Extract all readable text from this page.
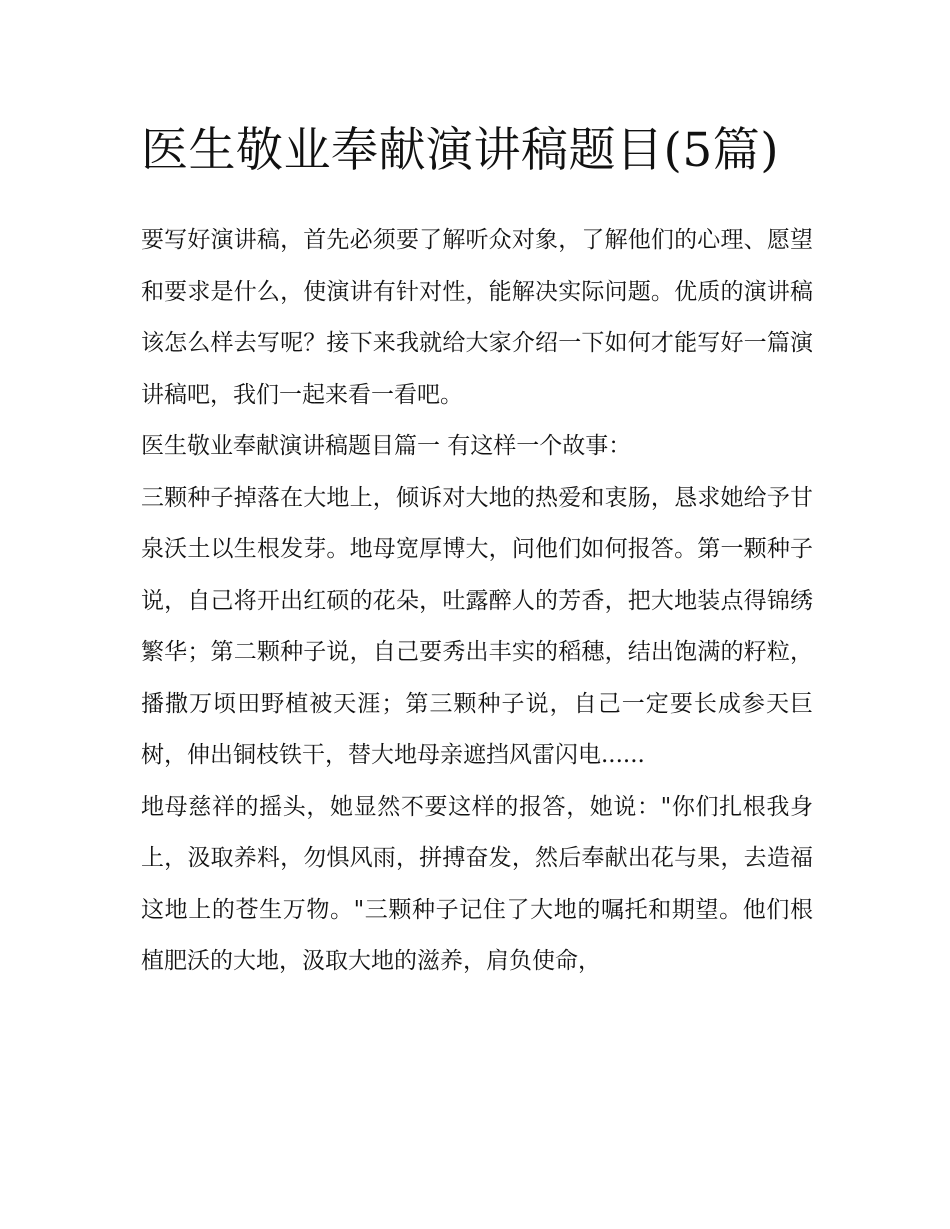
医生敬业奉献演讲稿题目(5篇)

要写好演讲稿，首先必须要了解听众对象，了解他们的心理、愿望和要求是什么，使演讲有针对性，能解决实际问题。优质的演讲稿该怎么样去写呢？接下来我就给大家介绍一下如何才能写好一篇演讲稿吧，我们一起来看一看吧。

医生敬业奉献演讲稿题目篇一 有这样一个故事：

三颗种子掉落在大地上，倾诉对大地的热爱和衷肠，恳求她给予甘泉沃土以生根发芽。地母宽厚博大，问他们如何报答。第一颗种子说，自己将开出红硕的花朵，吐露醉人的芳香，把大地装点得锦绣繁华；第二颗种子说，自己要秀出丰实的稻穗，结出饱满的籽粒，播撒万顷田野植被天涯；第三颗种子说，自己一定要长成参天巨树，伸出铜枝铁干，替大地母亲遮挡风雷闪电......

地母慈祥的摇头，她显然不要这样的报答，她说："你们扎根我身上，汲取养料，勿惧风雨，拼搏奋发，然后奉献出花与果，去造福这地上的苍生万物。"三颗种子记住了大地的嘱托和期望。他们根植肥沃的大地，汲取大地的滋养，肩负使命，
